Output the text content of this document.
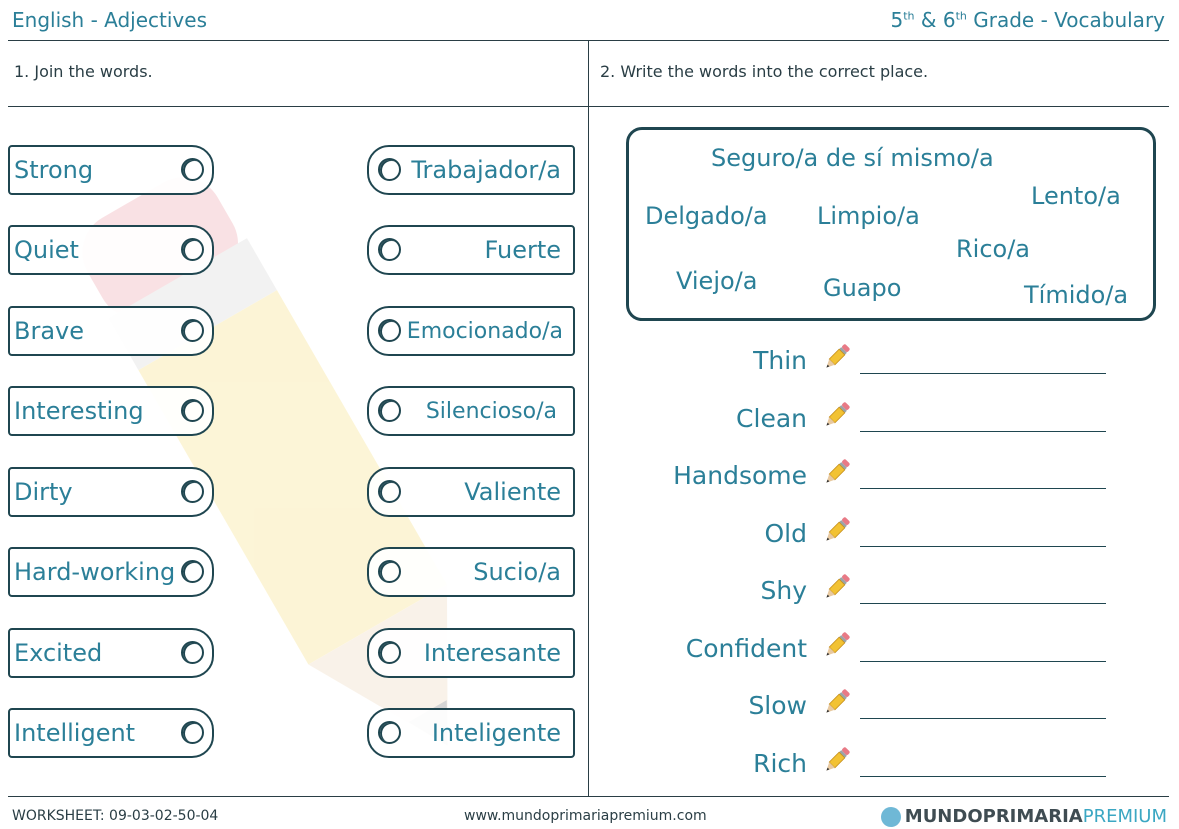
English - Adjectives	5th & 6th Grade - Vocabulary
1. Join the words.	2. Write the words into the correct place.
Strong
Quiet
Brave
Interesting
Dirty
Hard-working
Excited
Intelligent
Trabajador/a
Fuerte
Emocionado/a
Silencioso/a
Valiente
Sucio/a
Interesante
Inteligente
Seguro/a de sí mismo/a
Lento/a
Delgado/a Limpio/a
Rico/a
Viejo/a	Guapo	Tímido/a
Thin
Clean
Handsome
Old
Shy
Confident
Slow
Rich
WORKSHEET: 09-03-02-50-04	www.mundoprimariapremium.com	MUNDO PRIMARIA PREMIUM
